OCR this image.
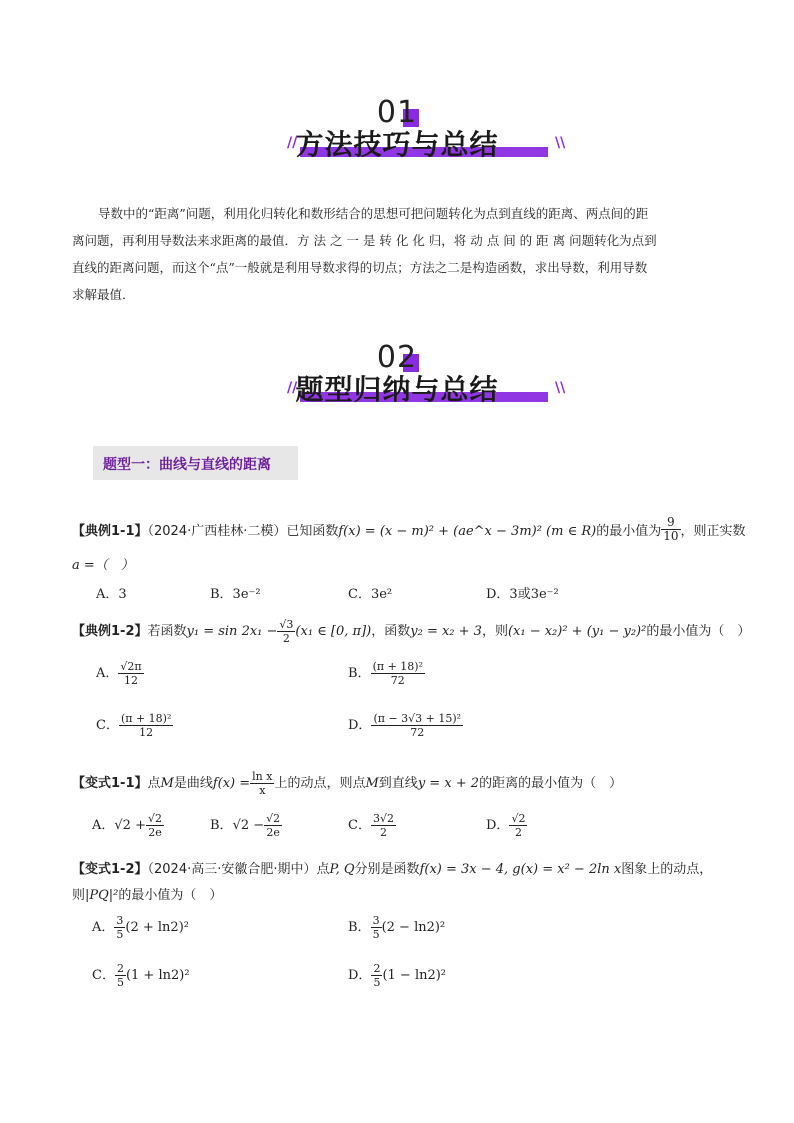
01
方法技巧与总结
//	\\
导数中的“距离”问题，利用化归转化和数形结合的思想可把问题转化为点到直线的距离、两点间的距
离问题，再利用导数法来求距离的最值．方 法 之 一 是 转 化 化 归，将 动 点 间 的 距 离 问题转化为点到
直线的距离问题，而这个“点”一般就是利用导数求得的切点；方法之二是构造函数，求出导数，利用导数
求解最值．
02
题型归纳与总结
//	\\
题型一：曲线与直线的距离
【典例1-1】（2024·广西桂林·二模）已知函数f(x) = (x − m)² + (ae^x − 3m)² (m ∈ R)的最小值为 $\frac{9}{10}$ ，则正实数
a =（　）
A．3	B．3e⁻²	C．3e²	D．3或3e⁻²
【典例1-2】若函数$y_1 = \sin 2x_1 - \frac{√3}{2} (x_1$ ∈ [0, π])，函数y₂ = x₂ + 3，则(x₁ − x₂)² + (y₁ − y₂)²的最小值为（　）
A． $\frac{√2\pi}{12}$	B． $\frac{\text{(π + 18)²}}{72}$
C． $\frac{\text{(π + 18)²}}{12}$	D． $\frac{\text{(π − 3√3 + 15)²}}{72}$
【变式1-1】点M是曲线$f(x) = \frac{\text{ln x}}{x}$ 上的动点，则点M到直线y = x + 2的距离的最小值为（　）
A．$√2 + \frac{√2}{2e}$	B．$√2 - \frac{√2}{2e}$	C． $\frac{3√2}{2}$	D． $\frac{√2}{2}$
【变式1-2】（2024·高三·安徽合肥·期中）点P, Q分别是函数f(x) = 3x − 4, g(x) = x² − 2ln x图象上的动点，
则|PQ|²的最小值为（　）
A． $\frac{3}{5} (2 + \ln 2)^2$	B． $\frac{3}{5} (2 - \ln 2)^2$
C． $\frac{2}{5} (1 + \ln 2)^2$	D． $\frac{2}{5} (1 - \ln 2)^2$
